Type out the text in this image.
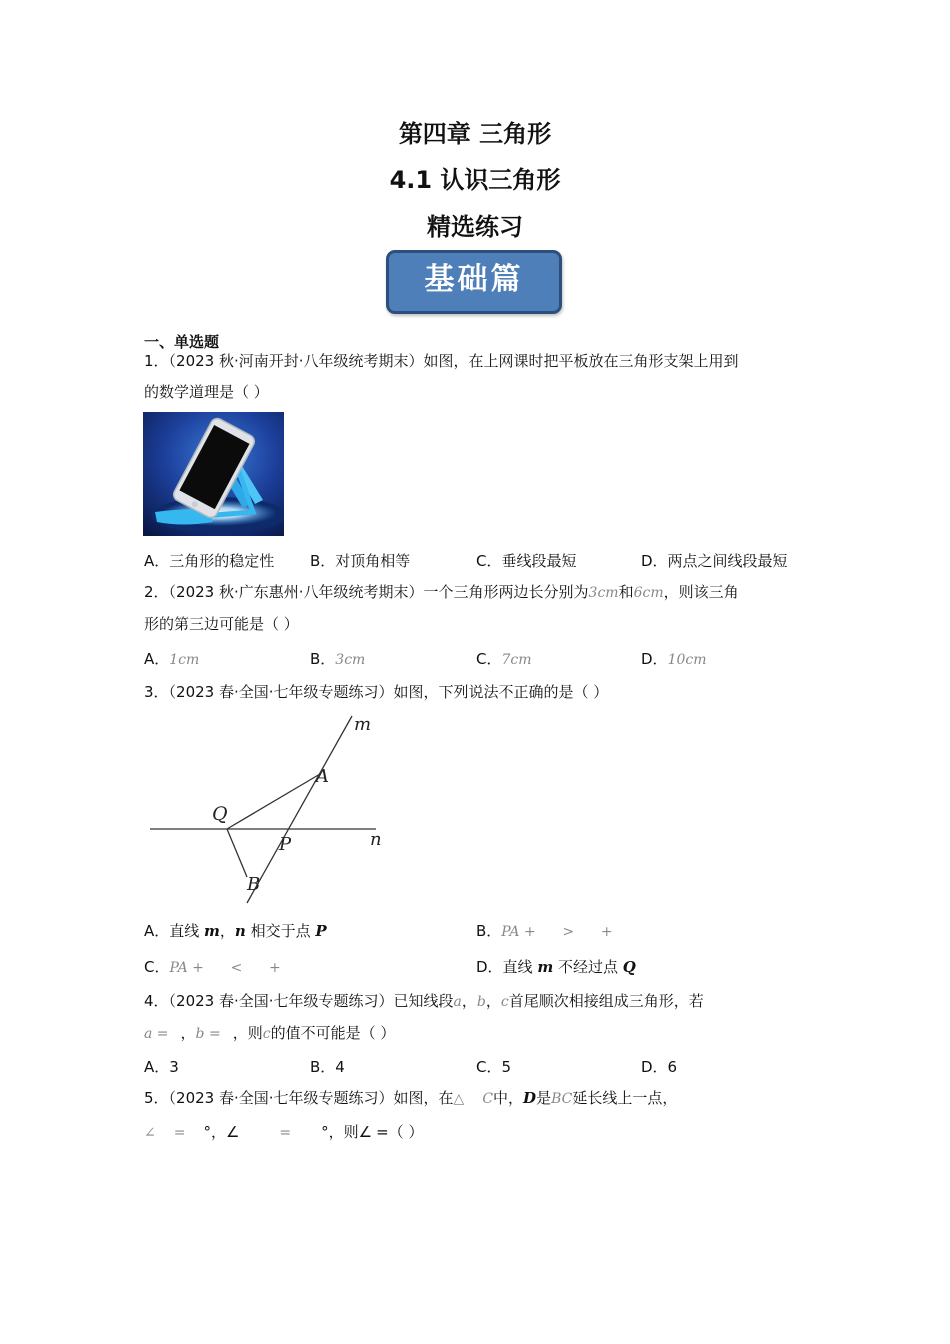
第四章 三角形
4.1 认识三角形
精选练习
基础篇
一、单选题
1．（2023 秋·河南开封·八年级统考期末）如图，在上网课时把平板放在三角形支架上用到
的数学道理是（ ）
A．三角形的稳定性 B．对顶角相等	C．垂线段最短	D．两点之间线段最短
2．（2023 秋·广东惠州·八年级统考期末）一个三角形两边长分别为3cm和6cm，则该三角
形的第三边可能是（ ）
A．1cm	B．3cm	C．7cm	D．10cm
3．（2023 春·全国·七年级专题练习）如图，下列说法不正确的是（ ）
m
A
Q
P	n
B
A．直线 m，n 相交于点 P	B．PA +      >      +
C．PA +      <      +	D．直线 m 不经过点 Q
4．（2023 春·全国·七年级专题练习）已知线段a，b，c首尾顺次相接组成三角形，若
a = ，b = ，则c的值不可能是（ ）
A．3	B．4	C．5	D．6
5．（2023 春·全国·七年级专题练习）如图，在△ C中，D是BC延长线上一点，
∠ = °，∠	= °，则∠ =（ ）
